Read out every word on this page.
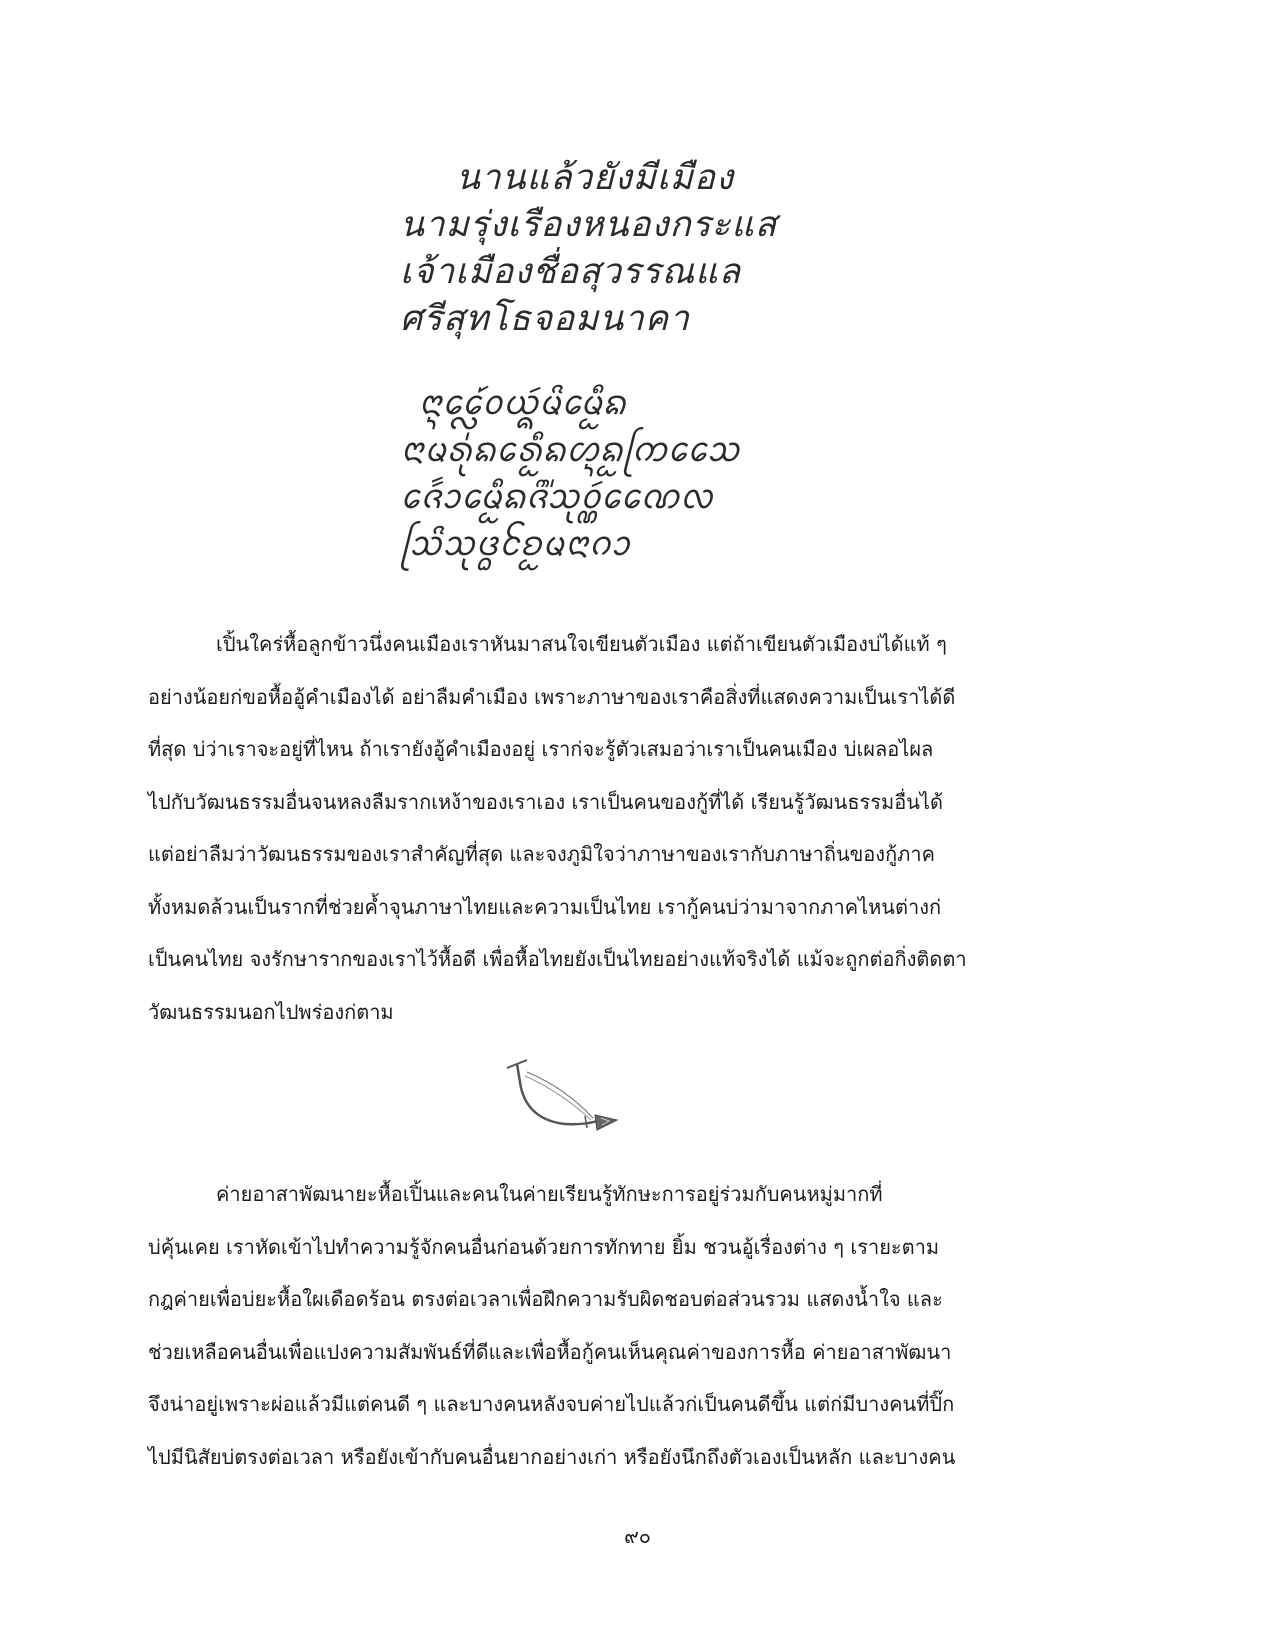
นานแล้วยังมีเมือง
นามรุ่งเรืองหนองกระแส
เจ้าเมืองชื่อสุวรรณแล
ศรีสุทโธจอมนาคา
ᨶᩣ᩠ᨶᩯᩖ᩶ᩅᨿᩢ᩠ᨦᨾᩦᨾᩮᩥᩬᨦ
ᨶᩣᨾᩁᩩ᩵ᨦᩁᩮᩬᩥᨦᩉ᩠ᨶᩬᨦᨠᩕᩯᩈ
ᨩᩮᩢ᩶ᩣᨾᩮᩬᩥᨦᨩᩨ᩵ᩈᩩᩅᩢ᩠ᨱᨱᩯᩃ
ᩈᩕᩦᩈᩩᨴ᩠ᨵᩰᨧᩬᨾᨶᩣᨣᩣ
เปิ้นใคร่หื้อลูกข้าวนึ่งคนเมืองเราหันมาสนใจเขียนตัวเมือง แต่ถ้าเขียนตัวเมืองบ่ได้แท้ ๆ
อย่างน้อยก่ขอหื้ออู้คำเมืองได้ อย่าลืมคำเมือง เพราะภาษาของเราคือสิ่งที่แสดงความเป็นเราได้ดี
ที่สุด บ่ว่าเราจะอยู่ที่ไหน ถ้าเรายังอู้คำเมืองอยู่ เราก่จะรู้ตัวเสมอว่าเราเป็นคนเมือง บ่เผลอไผล
ไปกับวัฒนธรรมอื่นจนหลงลืมรากเหง้าของเราเอง เราเป็นคนของกู้ที่ได้ เรียนรู้วัฒนธรรมอื่นได้
แต่อย่าลืมว่าวัฒนธรรมของเราสำคัญที่สุด และจงภูมิใจว่าภาษาของเรากับภาษาถิ่นของกู้ภาค
ทั้งหมดล้วนเป็นรากที่ช่วยค้ำจุนภาษาไทยและความเป็นไทย เรากู้คนบ่ว่ามาจากภาคไหนต่างก่
เป็นคนไทย จงรักษารากของเราไว้หื้อดี เพื่อหื้อไทยยังเป็นไทยอย่างแท้จริงได้ แม้จะถูกต่อกิ่งติดตา
วัฒนธรรมนอกไปพร่องก่ตาม
ค่ายอาสาพัฒนายะหื้อเปิ้นและคนในค่ายเรียนรู้ทักษะการอยู่ร่วมกับคนหมู่มากที่
บ่คุ้นเคย เราหัดเข้าไปทำความรู้จักคนอื่นก่อนด้วยการทักทาย ยิ้ม ชวนอู้เรื่องต่าง ๆ เรายะตาม
กฎค่ายเพื่อบ่ยะหื้อใผเดือดร้อน ตรงต่อเวลาเพื่อฝึกความรับผิดชอบต่อส่วนรวม แสดงน้ำใจ และ
ช่วยเหลือคนอื่นเพื่อแปงความสัมพันธ์ที่ดีและเพื่อหื้อกู้คนเห็นคุณค่าของการหื้อ ค่ายอาสาพัฒนา
จึงน่าอยู่เพราะผ่อแล้วมีแต่คนดี ๆ และบางคนหลังจบค่ายไปแล้วก่เป็นคนดีขึ้น แต่ก่มีบางคนที่ปิ๊ก
ไปมีนิสัยบ่ตรงต่อเวลา หรือยังเข้ากับคนอื่นยากอย่างเก่า หรือยังนึกถึงตัวเองเป็นหลัก และบางคน
๙๐
